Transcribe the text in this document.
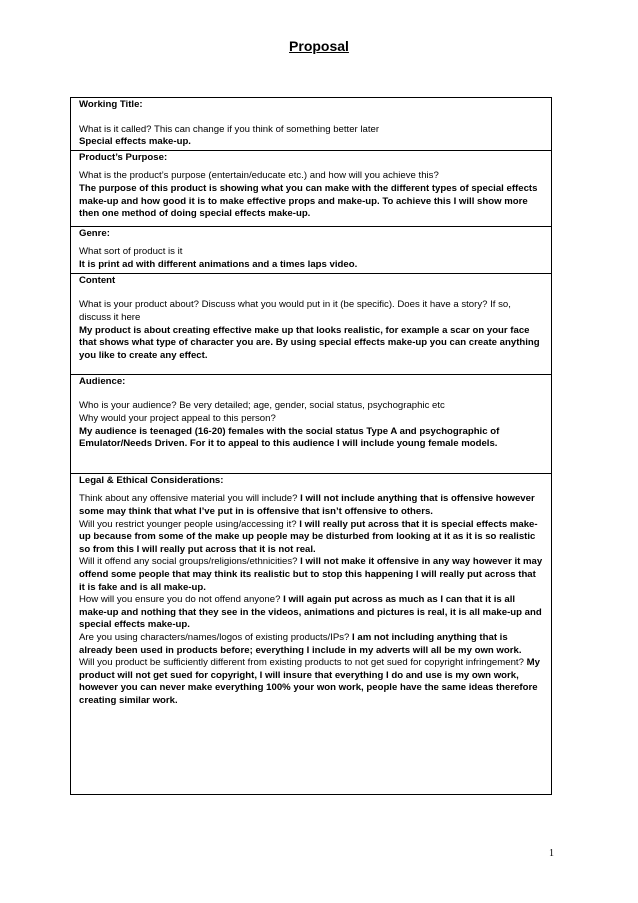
Proposal
Working Title:
What is it called? This can change if you think of something better later
Special effects make-up.

Product’s Purpose:
What is the product’s purpose (entertain/educate etc.) and how will you achieve this?
The purpose of this product is showing what you can make with the different types of special effects make-up and how good it is to make effective props and make-up. To achieve this I will show more then one method of doing special effects make-up.

Genre:
What sort of product is it
It is print ad with different animations and a times laps video.

Content
What is your product about? Discuss what you would put in it (be specific). Does it have a story? If so, discuss it here
My product is about creating effective make up that looks realistic, for example a scar on your face that shows what type of character you are. By using special effects make-up you can create anything you like to create any effect.

Audience:
Who is your audience? Be very detailed; age, gender, social status, psychographic etc
Why would your project appeal to this person?
My audience is teenaged (16-20) females with the social status Type A and psychographic of Emulator/Needs Driven. For it to appeal to this audience I will include young female models.

Legal & Ethical Considerations:
Think about any offensive material you will include? I will not include anything that is offensive however some may think that what I’ve put in is offensive that isn’t offensive to others.
Will you restrict younger people using/accessing it? I will really put across that it is special effects make-up because from some of the make up people may be disturbed from looking at it as it is so realistic so from this I will really put across that it is not real.
Will it offend any social groups/religions/ethnicities? I will not make it offensive in any way however it may offend some people that may think its realistic but to stop this happening I will really put across that it is fake and is all make-up.
How will you ensure you do not offend anyone? I will again put across as much as I can that it is all make-up and nothing that they see in the videos, animations and pictures is real, it is all make-up and special effects make-up.
Are you using characters/names/logos of existing products/IPs? I am not including anything that is already been used in products before; everything I include in my adverts will all be my own work.
Will you product be sufficiently different from existing products to not get sued for copyright infringement? My product will not get sued for copyright, I will insure that everything I do and use is my own work, however you can never make everything 100% your won work, people have the same ideas therefore creating similar work.
1
